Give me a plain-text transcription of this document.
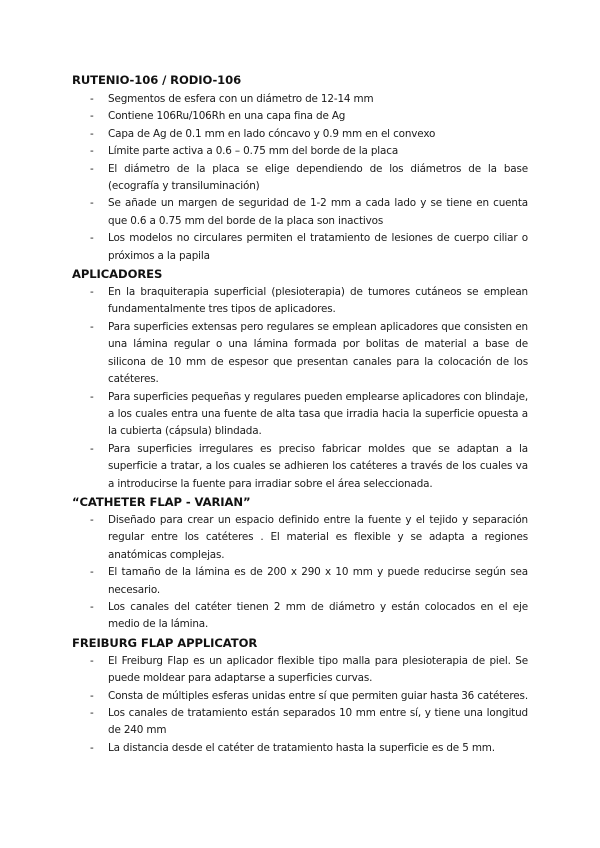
RUTENIO-106 / RODIO-106
- Segmentos de esfera con un diámetro de 12-14 mm
- Contiene 106Ru/106Rh en una capa fina de Ag
- Capa de Ag de 0.1 mm en lado cóncavo y 0.9 mm en el convexo
- Límite parte activa a 0.6 – 0.75 mm del borde de la placa
- El diámetro de la placa se elige dependiendo de los diámetros de la base (ecografía y transiluminación)
- Se añade un margen de seguridad de 1-2 mm a cada lado y se tiene en cuenta que 0.6 a 0.75 mm del borde de la placa son inactivos
- Los modelos no circulares permiten el tratamiento de lesiones de cuerpo ciliar o próximos a la papila
APLICADORES
- En la braquiterapia superficial (plesioterapia) de tumores cutáneos se emplean fundamentalmente tres tipos de aplicadores.
- Para superficies extensas pero regulares se emplean aplicadores que consisten en una lámina regular o una lámina formada por bolitas de material a base de silicona de 10 mm de espesor que presentan canales para la colocación de los catéteres.
- Para superficies pequeñas y regulares pueden emplearse aplicadores con blindaje, a los cuales entra una fuente de alta tasa que irradia hacia la superficie opuesta a la cubierta (cápsula) blindada.
- Para superficies irregulares es preciso fabricar moldes que se adaptan a la superficie a tratar, a los cuales se adhieren los catéteres a través de los cuales va a introducirse la fuente para irradiar sobre el área seleccionada.
“CATHETER FLAP - VARIAN”
- Diseñado para crear un espacio definido entre la fuente y el tejido y separación regular entre los catéteres . El material es flexible y se adapta a regiones anatómicas complejas.
- El tamaño de la lámina es de 200 x 290 x 10 mm y puede reducirse según sea necesario.
- Los canales del catéter tienen 2 mm de diámetro y están colocados en el eje medio de la lámina.
FREIBURG FLAP APPLICATOR
- El Freiburg Flap es un aplicador flexible tipo malla para plesioterapia de piel. Se puede moldear para adaptarse a superficies curvas.
- Consta de múltiples esferas unidas entre sí que permiten guiar hasta 36 catéteres.
- Los canales de tratamiento están separados 10 mm entre sí, y tiene una longitud de 240 mm
- La distancia desde el catéter de tratamiento hasta la superficie es de 5 mm.
